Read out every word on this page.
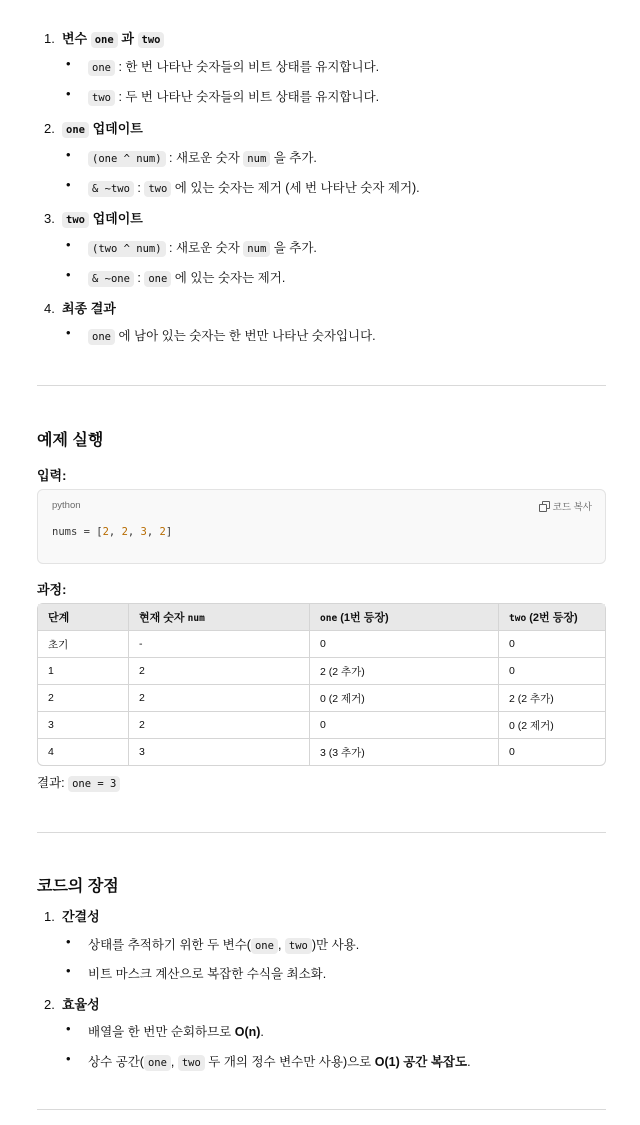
1. 변수 one 과 two
• one : 한 번 나타난 숫자들의 비트 상태를 유지합니다.
• two : 두 번 나타난 숫자들의 비트 상태를 유지합니다.
2. one 업데이트
• (one ^ num) : 새로운 숫자 num 을 추가.
• & ~two : two 에 있는 숫자는 제거 (세 번 나타난 숫자 제거).
3. two 업데이트
• (two ^ num) : 새로운 숫자 num 을 추가.
• & ~one : one 에 있는 숫자는 제거.
4. 최종 결과
• one 에 남아 있는 숫자는 한 번만 나타난 숫자입니다.
예제 실행
입력:
python	코드 복사
nums = [2, 2, 3, 2]
과정:
단계	현재 숫자 num	one (1번 등장)	two (2번 등장)
초기	-	0	0
1	2	2 (2 추가)	0
2	2	0 (2 제거)	2 (2 추가)
3	2	0	0 (2 제거)
4	3	3 (3 추가)	0
결과: one = 3
코드의 장점
1. 간결성
• 상태를 추적하기 위한 두 변수( one , two )만 사용.
• 비트 마스크 계산으로 복잡한 수식을 최소화.
2. 효율성
• 배열을 한 번만 순회하므로 O(n).
• 상수 공간( one , two 두 개의 정수 변수만 사용)으로 O(1) 공간 복잡도.
